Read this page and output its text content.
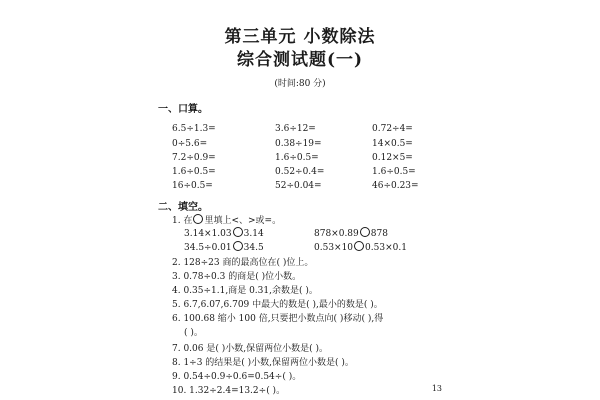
第三单元 小数除法
综合测试题(一)
(时间:80 分)
一、口算。
6.5÷1.3=	3.6÷12=	0.72÷4=
0÷5.6=	0.38÷19=	14×0.5=
7.2÷0.9=	1.6÷0.5=	0.12×5=
1.6÷0.5=	0.52÷0.4=	1.6÷0.5=
16÷0.5=	52÷0.04=	46÷0.23=
二、填空。
1. 在 里填上<、>或=。
3.14×1.03 3.14	878×0.89 878
34.5÷0.01 34.5	0.53×10 0.53×0.1
2. 128÷23 商的最高位在( )位上。
3. 0.78÷0.3 的商是( )位小数。
4. 0.35÷1.1,商是 0.31,余数是( )。
5. 6.7,6.07,6.709 中最大的数是( ),最小的数是( )。
6. 100.68 缩小 100 倍,只要把小数点向( )移动( ),得
( )。
7. 0.06 是( )小数,保留两位小数是( )。
8. 1÷3 的结果是( )小数,保留两位小数是( )。
9. 0.54÷0.9÷0.6=0.54÷( )。
10. 1.32÷2.4=13.2÷( )。	13
